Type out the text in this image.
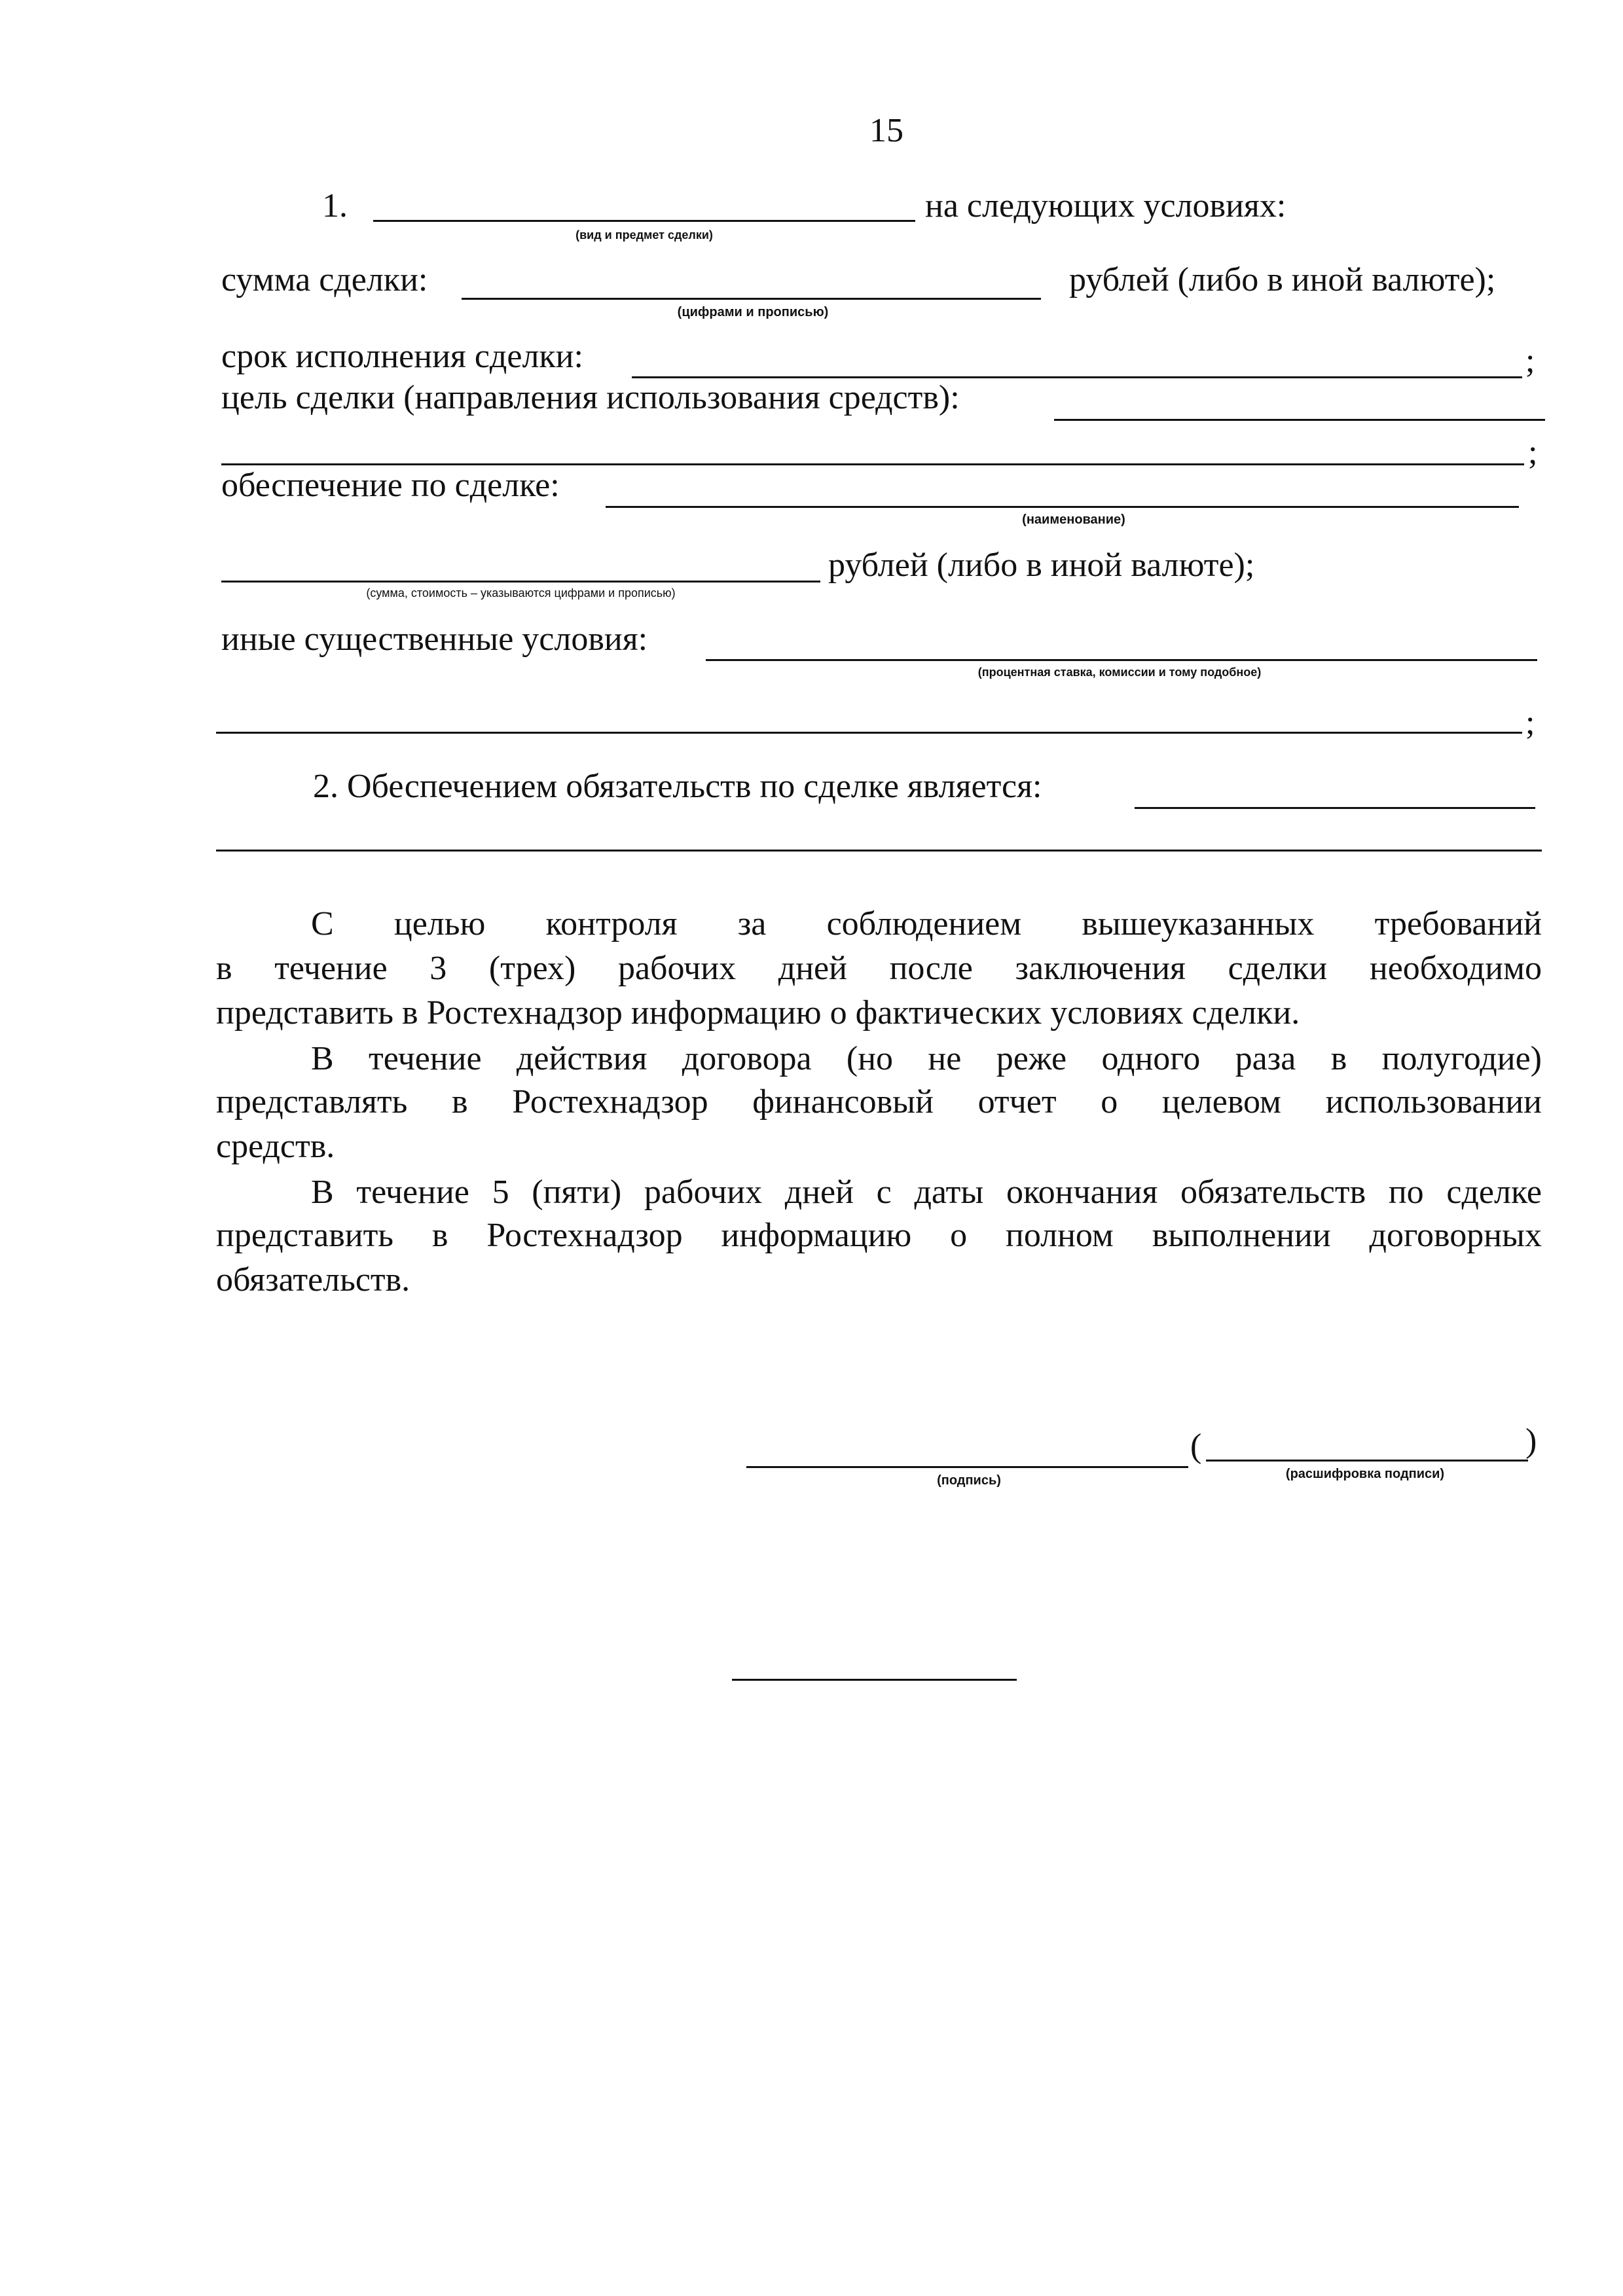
15
1.
(вид и предмет сделки)
на следующих условиях:
сумма сделки:
(цифрами и прописью)
рублей (либо в иной валюте);
срок исполнения сделки:	;
цель сделки (направления использования средств):
;
обеспечение по сделке:
(наименование)
(сумма, стоимость – указываются цифрами и прописью)
рублей (либо в иной валюте);
иные существенные условия:
(процентная ставка, комиссии и тому подобное)
;
2. Обеспечением обязательств по сделке является:
С целью контроля за соблюдением вышеуказанных требований
в течение 3 (трех) рабочих дней после заключения сделки необходимо
представить в Ростехнадзор информацию о фактических условиях сделки.
В течение действия договора (но не реже одного раза в полугодие)
представлять в Ростехнадзор финансовый отчет о целевом использовании
средств.
В течение 5 (пяти) рабочих дней с даты окончания обязательств по сделке
представить в Ростехнадзор информацию о полном выполнении договорных
обязательств.
(подпись)
(	)
(расшифровка подписи)
